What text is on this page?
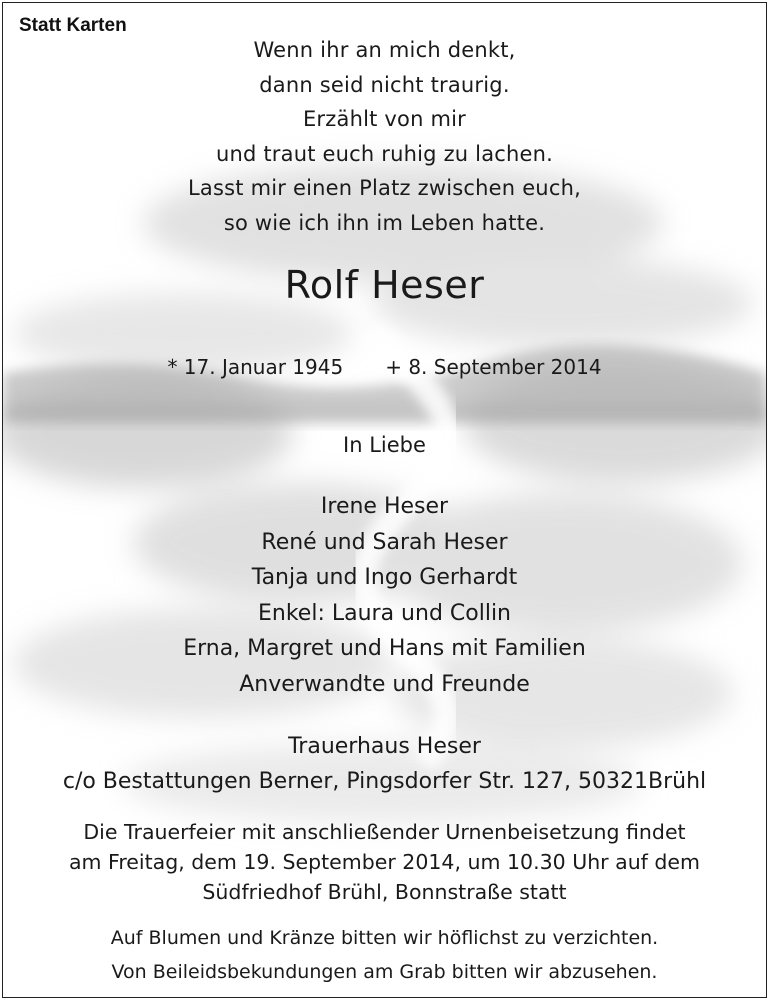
Statt Karten
Wenn ihr an mich denkt,
dann seid nicht traurig.
Erzählt von mir
und traut euch ruhig zu lachen.
Lasst mir einen Platz zwischen euch,
so wie ich ihn im Leben hatte.
Rolf Heser
* 17. Januar 1945 + 8. September 2014
In Liebe
Irene Heser
René und Sarah Heser
Tanja und Ingo Gerhardt
Enkel: Laura und Collin
Erna, Margret und Hans mit Familien
Anverwandte und Freunde
Trauerhaus Heser
c/o Bestattungen Berner, Pingsdorfer Str. 127, 50321Brühl
Die Trauerfeier mit anschließender Urnenbeisetzung findet
am Freitag, dem 19. September 2014, um 10.30 Uhr auf dem
Südfriedhof Brühl, Bonnstraße statt
Auf Blumen und Kränze bitten wir höflichst zu verzichten.
Von Beileidsbekundungen am Grab bitten wir abzusehen.
